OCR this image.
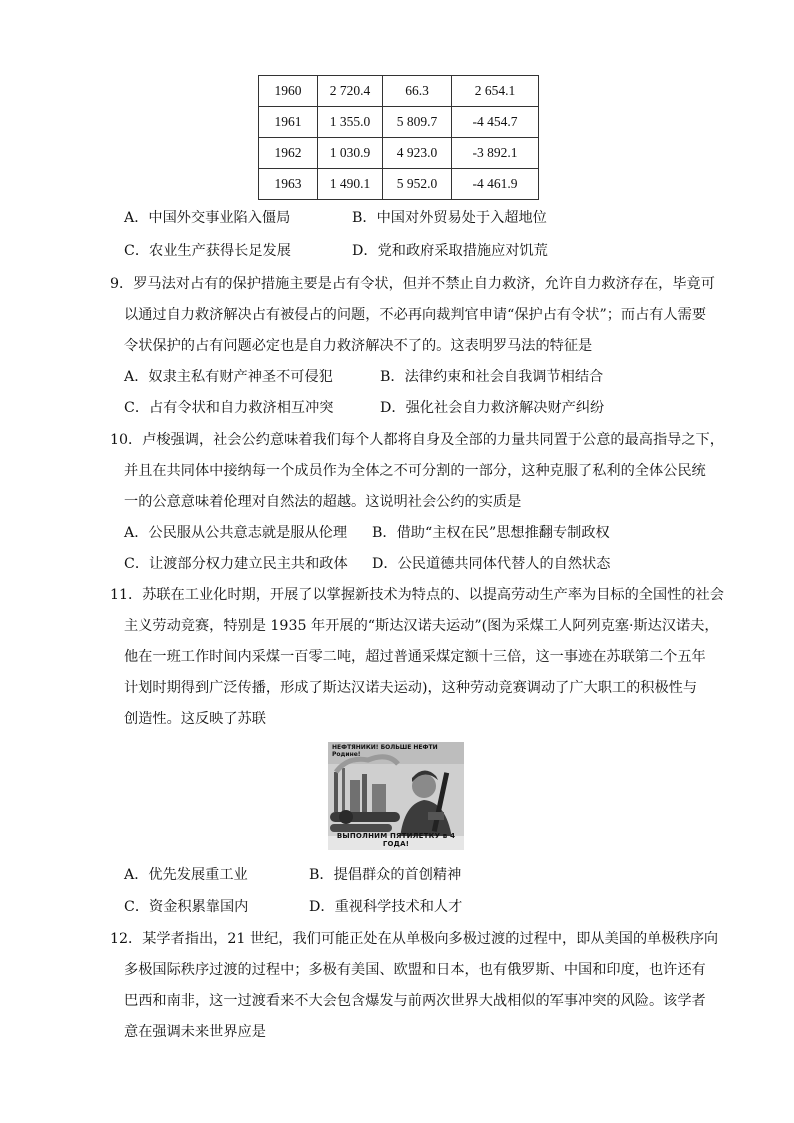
1960	2 720.4	66.3	2 654.1
1961	1 355.0	5 809.7	-4 454.7
1962	1 030.9	4 923.0	-3 892.1
1963	1 490.1	5 952.0	-4 461.9
A．中国外交事业陷入僵局	B．中国对外贸易处于入超地位
C．农业生产获得长足发展	D．党和政府采取措施应对饥荒
9．罗马法对占有的保护措施主要是占有令状，但并不禁止自力救济，允许自力救济存在，毕竟可
以通过自力救济解决占有被侵占的问题，不必再向裁判官申请“保护占有令状”；而占有人需要
令状保护的占有问题必定也是自力救济解决不了的。这表明罗马法的特征是
A．奴隶主私有财产神圣不可侵犯	B．法律约束和社会自我调节相结合
C．占有令状和自力救济相互冲突	D．强化社会自力救济解决财产纠纷
10．卢梭强调，社会公约意味着我们每个人都将自身及全部的力量共同置于公意的最高指导之下，
并且在共同体中接纳每一个成员作为全体之不可分割的一部分，这种克服了私利的全体公民统
一的公意意味着伦理对自然法的超越。这说明社会公约的实质是
A．公民服从公共意志就是服从伦理 B．借助“主权在民”思想推翻专制政权
C．让渡部分权力建立民主共和政体 D．公民道德共同体代替人的自然状态
11．苏联在工业化时期，开展了以掌握新技术为特点的、以提高劳动生产率为目标的全国性的社会
主义劳动竞赛，特别是 1935 年开展的“斯达汉诺夫运动”(图为采煤工人阿列克塞·斯达汉诺夫，
他在一班工作时间内采煤一百零二吨，超过普通采煤定额十三倍，这一事迹在苏联第二个五年
计划时期得到广泛传播，形成了斯达汉诺夫运动)，这种劳动竞赛调动了广大职工的积极性与
创造性。这反映了苏联
НЕФТЯНИКИ! БОЛЬШЕ НЕФТИ Родине!
ВЫПОЛНИМ ПЯТИЛЕТКУ в 4 ГОДА!
A．优先发展重工业	B．提倡群众的首创精神
C．资金积累靠国内	D．重视科学技术和人才
12．某学者指出，21 世纪，我们可能正处在从单极向多极过渡的过程中，即从美国的单极秩序向
多极国际秩序过渡的过程中；多极有美国、欧盟和日本，也有俄罗斯、中国和印度，也许还有
巴西和南非，这一过渡看来不大会包含爆发与前两次世界大战相似的军事冲突的风险。该学者
意在强调未来世界应是
